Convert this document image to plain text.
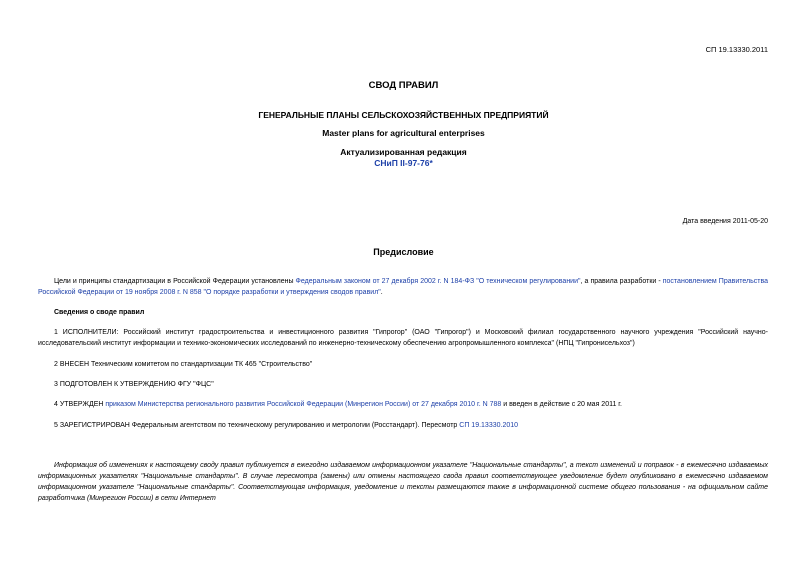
СП 19.13330.2011
СВОД ПРАВИЛ
ГЕНЕРАЛЬНЫЕ ПЛАНЫ СЕЛЬСКОХОЗЯЙСТВЕННЫХ ПРЕДПРИЯТИЙ
Master plans for agricultural enterprises
Актуализированная редакция
СНиП II-97-76*
Дата введения 2011-05-20
Предисловие
Цели и принципы стандартизации в Российской Федерации установлены Федеральным законом от 27 декабря 2002 г. N 184-ФЗ "О техническом регулировании", а правила разработки - постановлением Правительства Российской Федерации от 19 ноября 2008 г. N 858 "О порядке разработки и утверждения сводов правил".
Сведения о своде правил
1 ИСПОЛНИТЕЛИ: Российский институт градостроительства и инвестиционного развития "Гипрогор" (ОАО "Гипрогор") и Московский филиал государственного научного учреждения "Российский научно-исследовательский институт информации и технико-экономических исследований по инженерно-техническому обеспечению агропромышленного комплекса" (НПЦ "Гипронисельхоз")
2 ВНЕСЕН Техническим комитетом по стандартизации ТК 465 "Строительство"
3 ПОДГОТОВЛЕН К УТВЕРЖДЕНИЮ ФГУ "ФЦС"
4 УТВЕРЖДЕН приказом Министерства регионального развития Российской Федерации (Минрегион России) от 27 декабря 2010 г. N 788 и введен в действие с 20 мая 2011 г.
5 ЗАРЕГИСТРИРОВАН Федеральным агентством по техническому регулированию и метрологии (Росстандарт). Пересмотр СП 19.13330.2010
Информация об изменениях к настоящему своду правил публикуется в ежегодно издаваемом информационном указателе "Национальные стандарты", а текст изменений и поправок - в ежемесячно издаваемых информационных указателях "Национальные стандарты". В случае пересмотра (замены) или отмены настоящего свода правил соответствующее уведомление будет опубликовано в ежемесячно издаваемом информационном указателе "Национальные стандарты". Соответствующая информация, уведомление и тексты размещаются также в информационной системе общего пользования - на официальном сайте разработчика (Минрегион России) в сети Интернет
